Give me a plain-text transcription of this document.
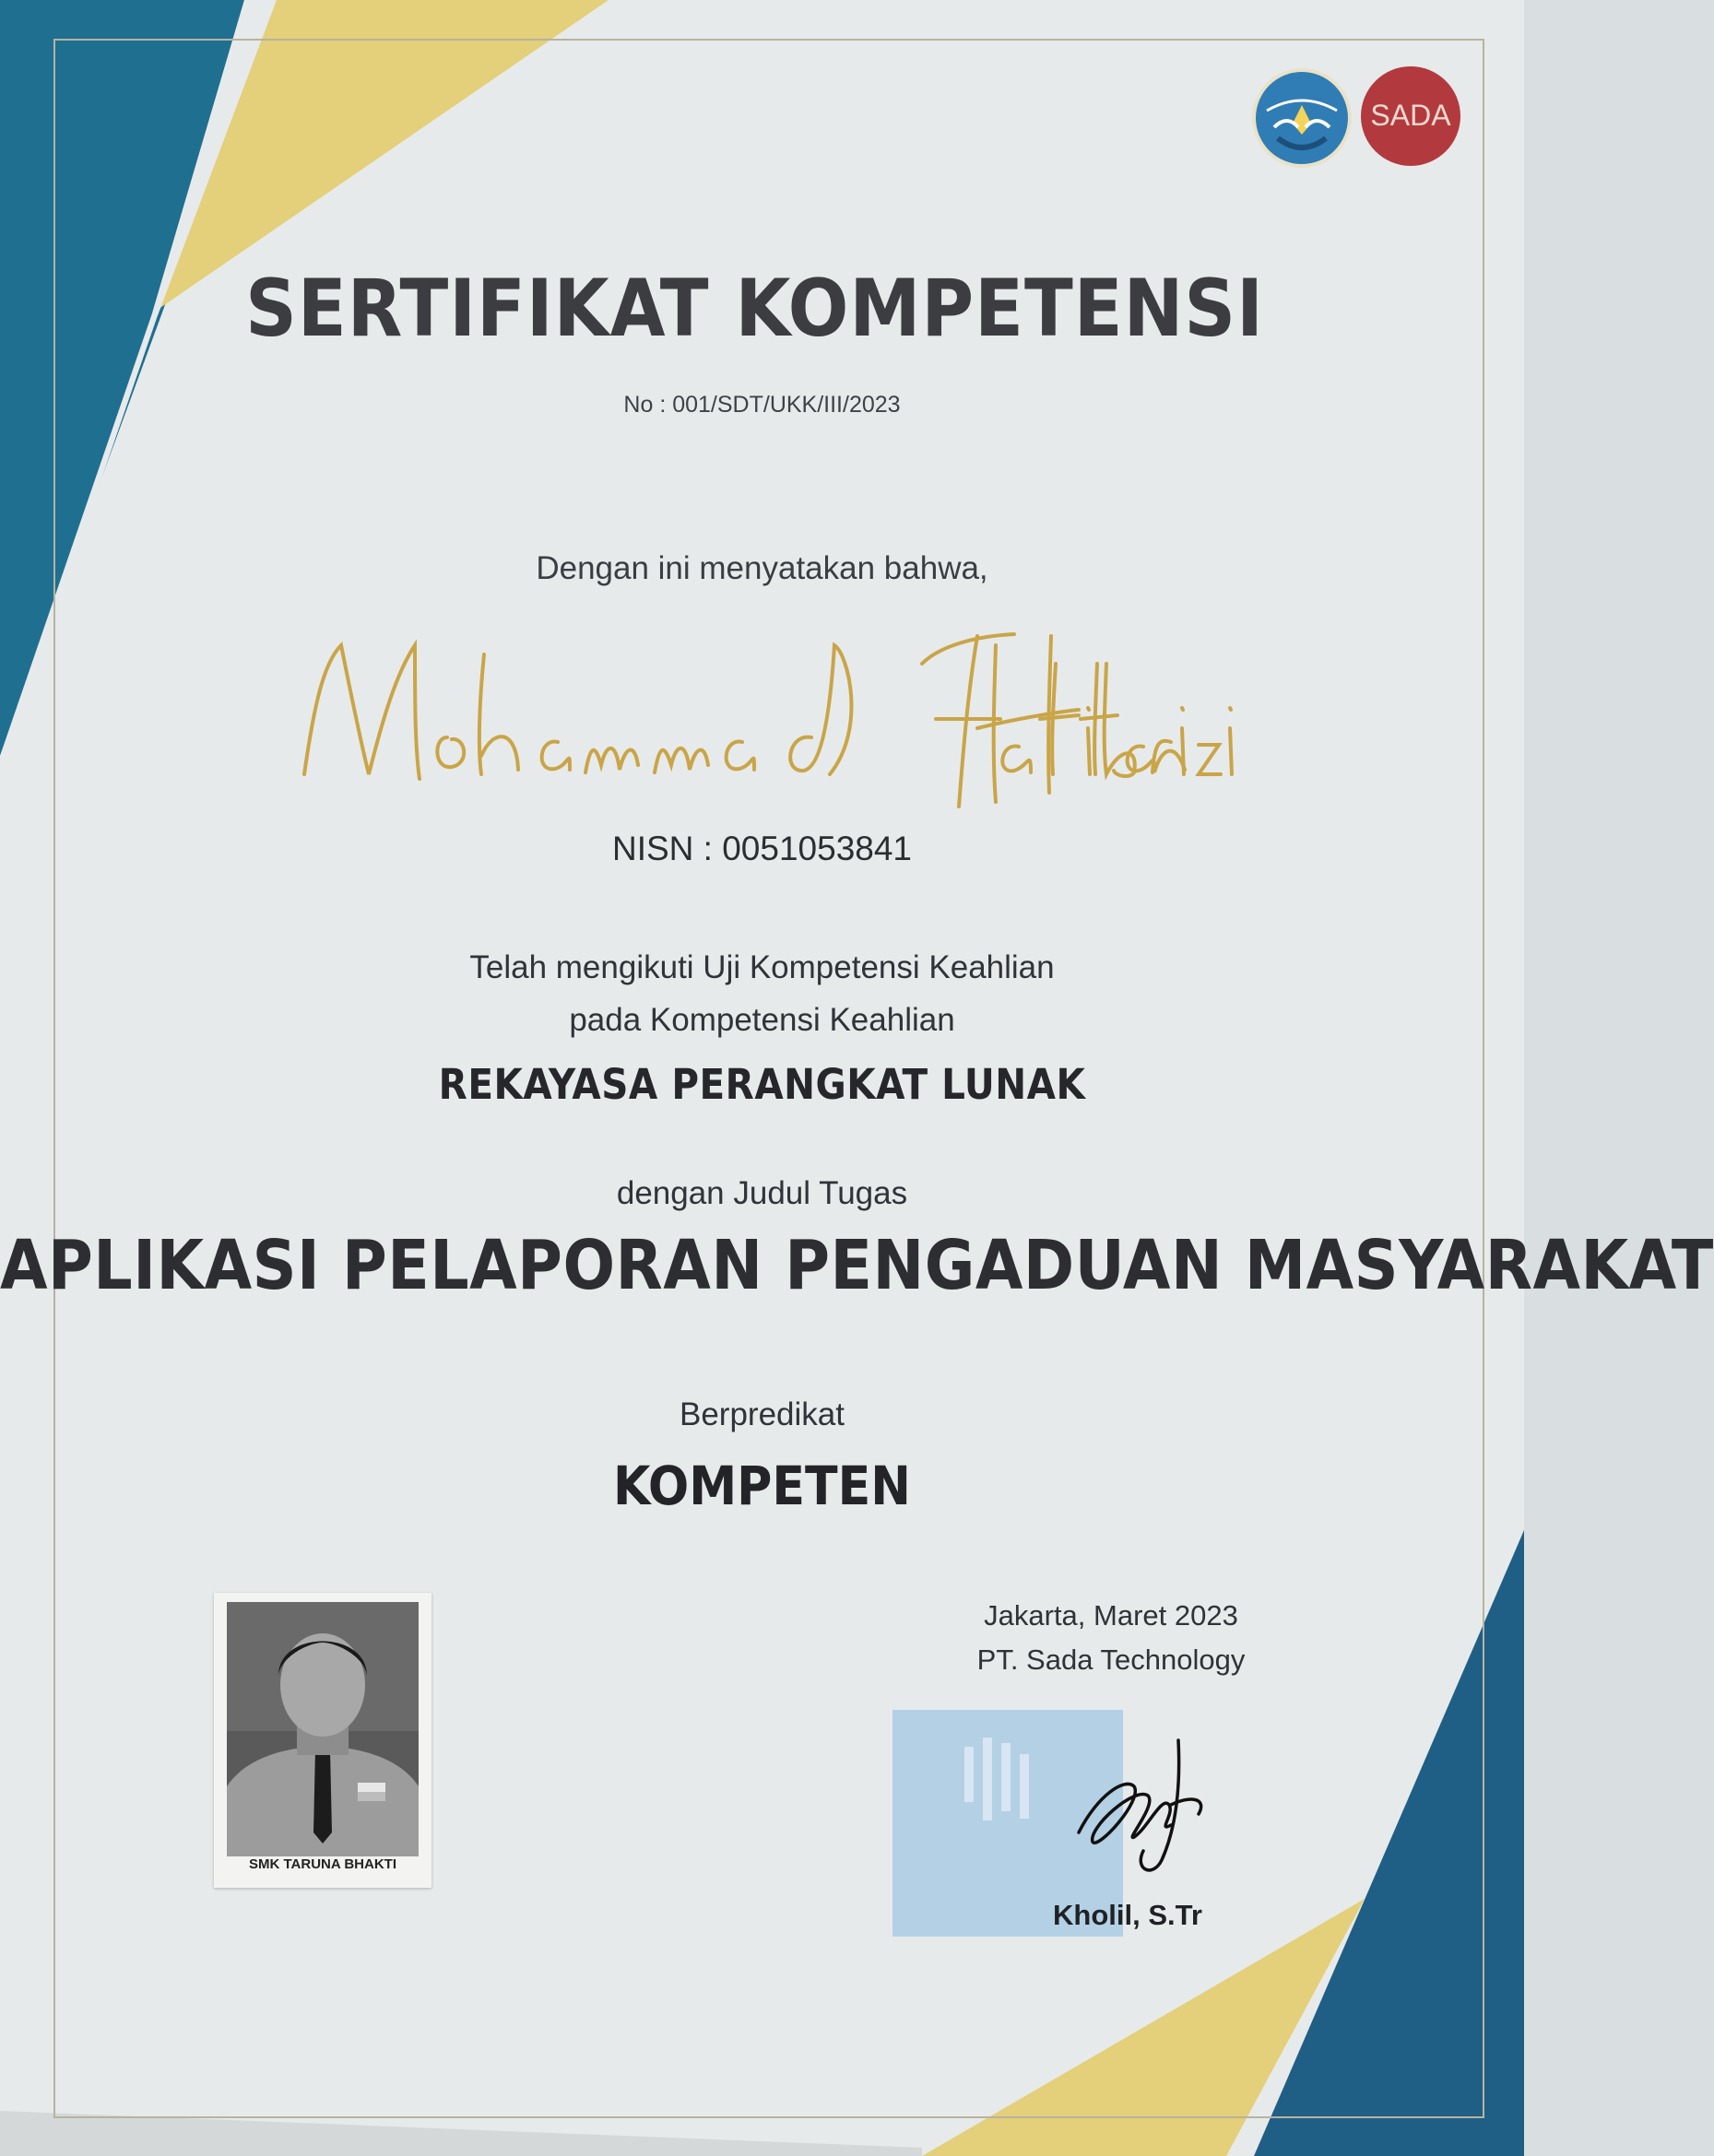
SADA
SERTIFIKAT KOMPETENSI
No : 001/SDT/UKK/III/2023
Dengan ini menyatakan bahwa,
NISN : 0051053841
Telah mengikuti Uji Kompetensi Keahlian
pada Kompetensi Keahlian
REKAYASA PERANGKAT LUNAK
dengan Judul Tugas
APLIKASI PELAPORAN PENGADUAN MASYARAKAT
Berpredikat
KOMPETEN
SMK TARUNA BHAKTI
Jakarta, Maret 2023
PT. Sada Technology
Kholil, S.Tr
